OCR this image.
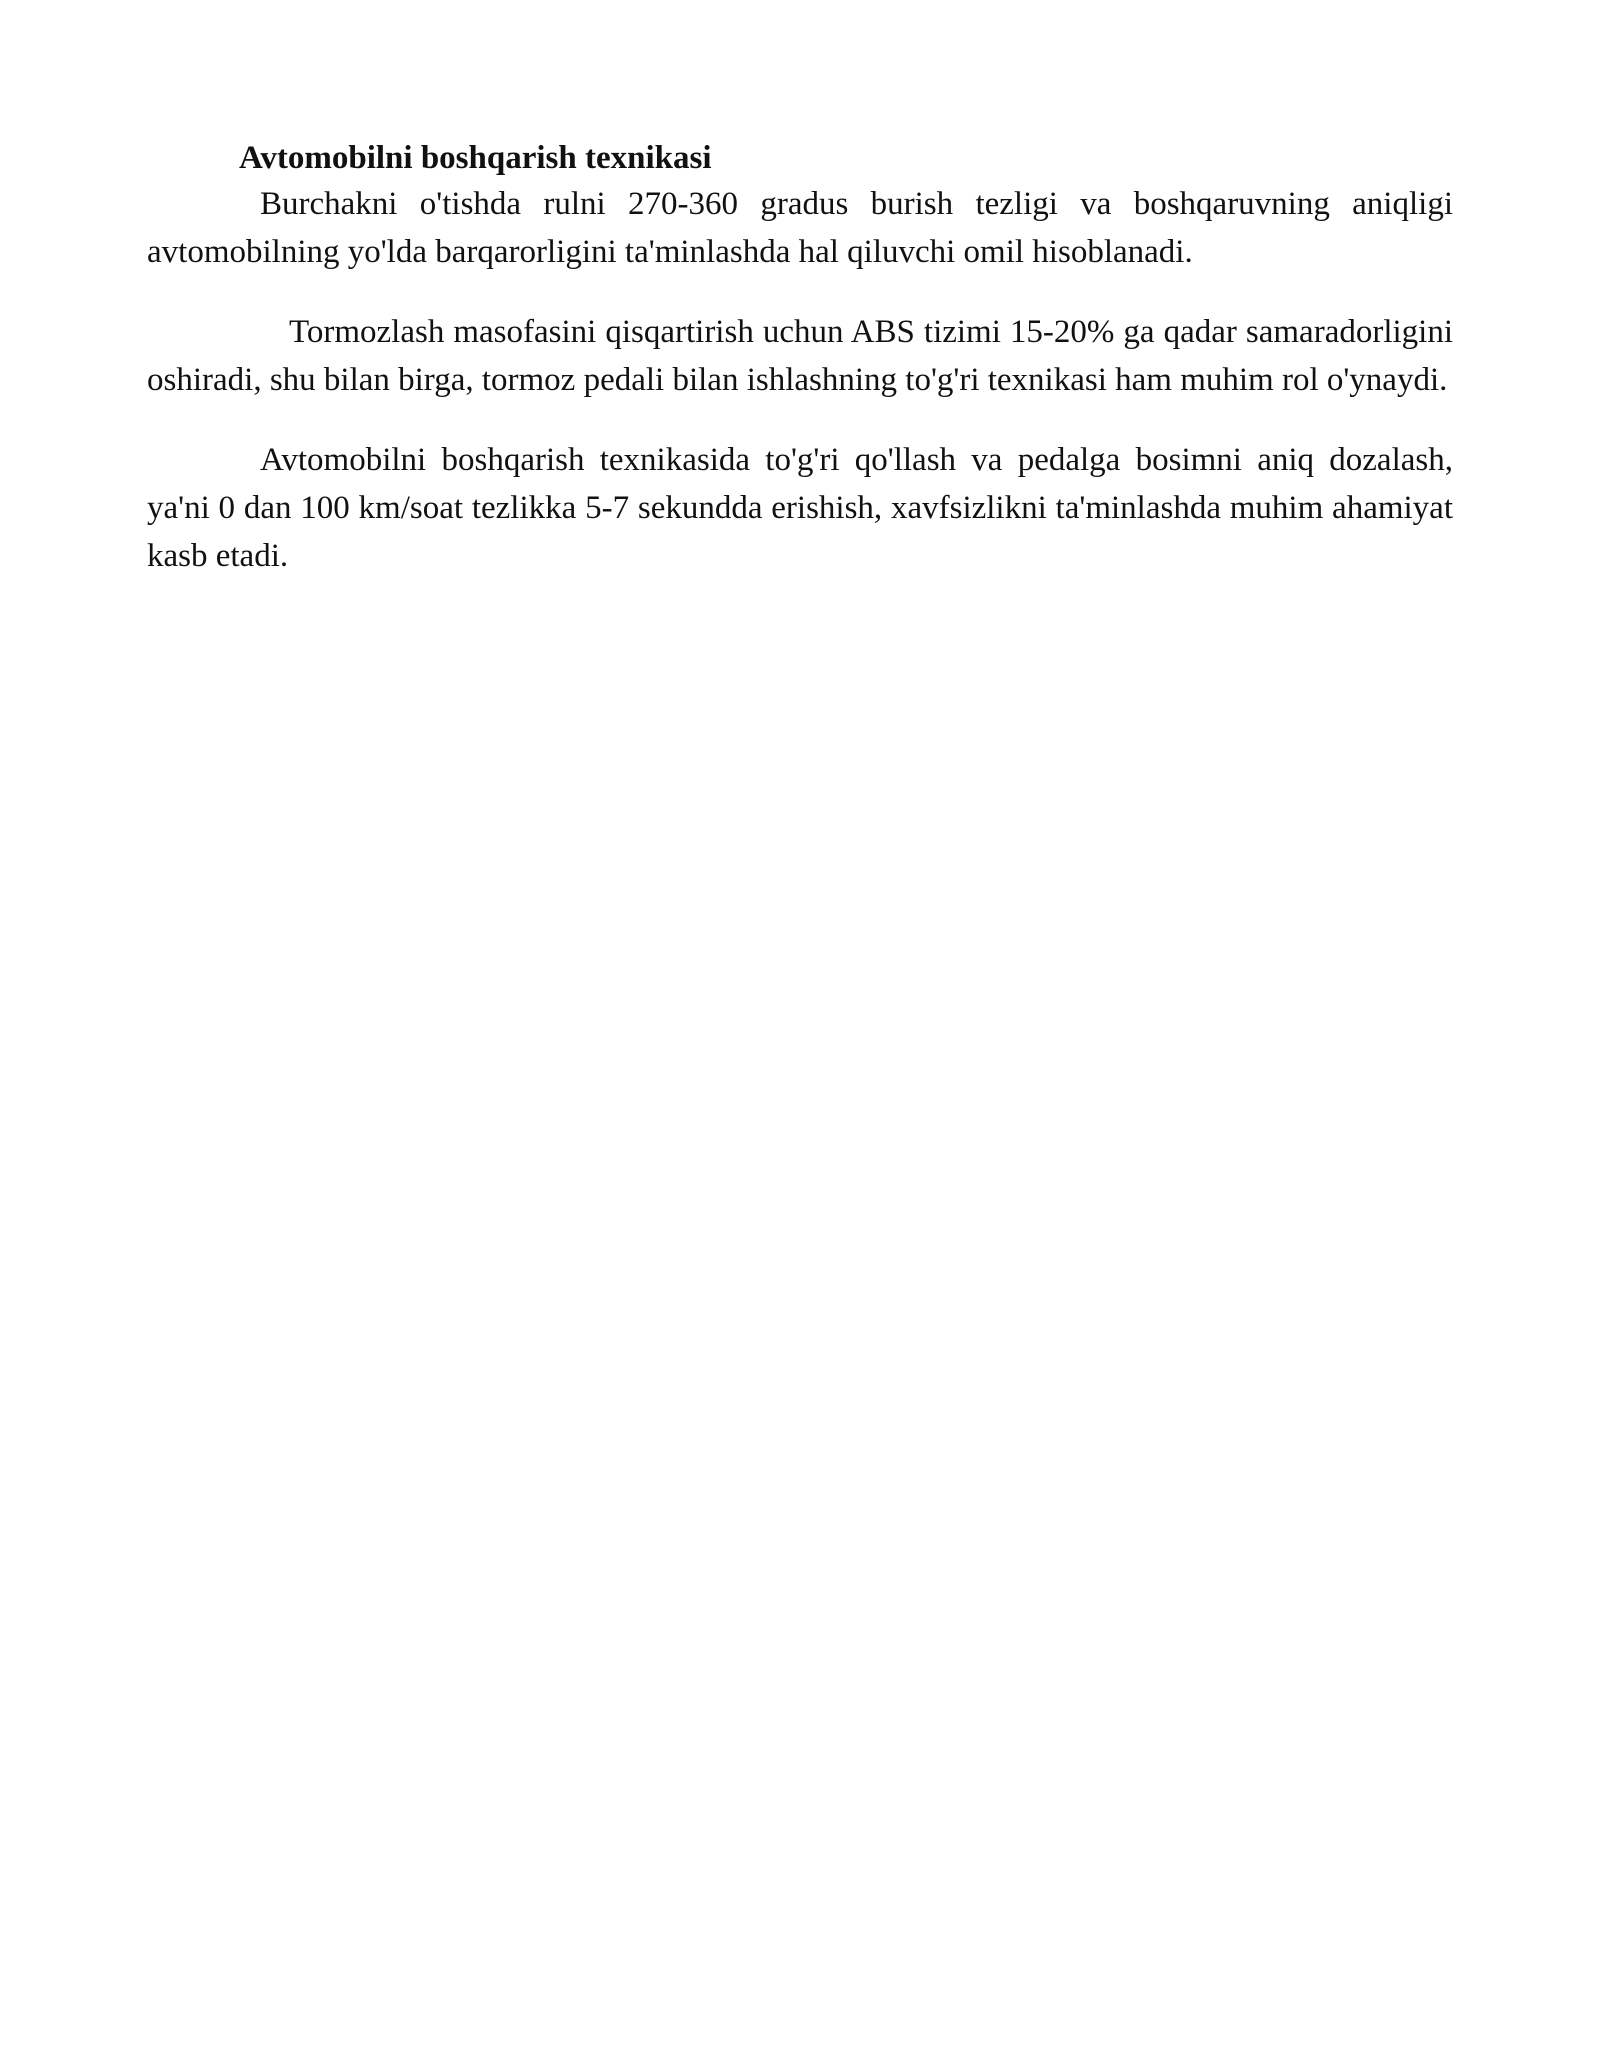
Avtomobilni boshqarish texnikasi

Burchakni o'tishda rulni 270-360 gradus burish tezligi va boshqaruvning aniqligi avtomobilning yo'lda barqarorligini ta'minlashda hal qiluvchi omil hisoblanadi.

Tormozlash masofasini qisqartirish uchun ABS tizimi 15-20% ga qadar samaradorligini oshiradi, shu bilan birga, tormoz pedali bilan ishlashning to'g'ri texnikasi ham muhim rol o'ynaydi.

Avtomobilni boshqarish texnikasida to'g'ri qo'llash va pedalga bosimni aniq dozalash, ya'ni 0 dan 100 km/soat tezlikka 5-7 sekundda erishish, xavfsizlikni ta'minlashda muhim ahamiyat kasb etadi.
